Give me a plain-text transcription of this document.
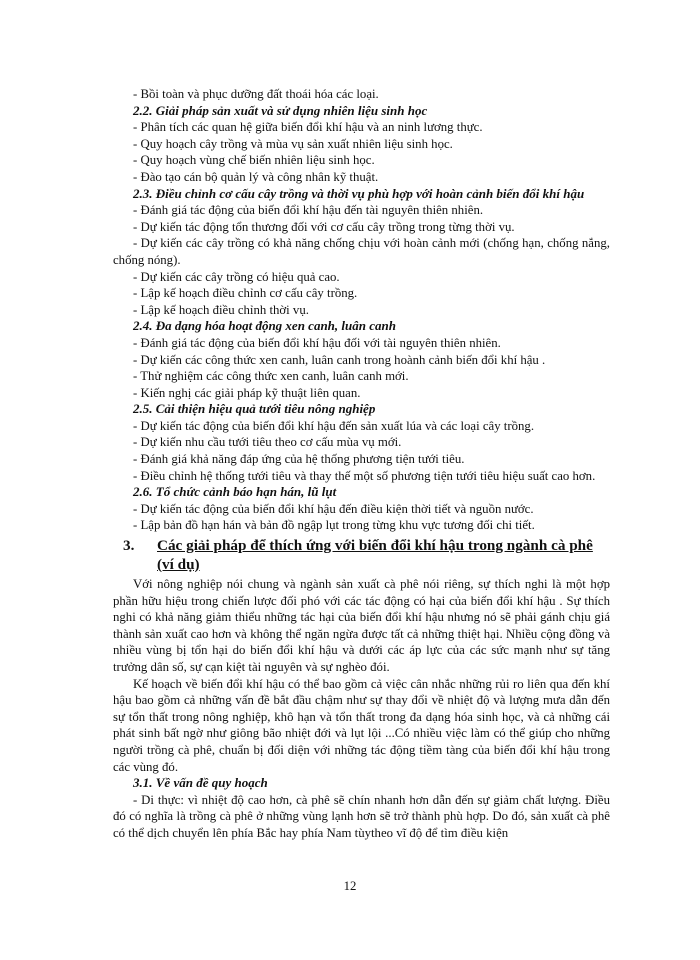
- Bồi toàn và phục dưỡng đất thoái hóa các loại.
2.2. Giải pháp sản xuất và sử dụng nhiên liệu sinh học
- Phân tích các quan hệ giữa biến đổi khí hậu và an ninh lương thực.
- Quy hoạch cây trồng và mùa vụ sản xuất nhiên liệu sinh học.
- Quy hoạch vùng chế biến nhiên liệu sinh học.
- Đào tạo cán bộ quản lý và công nhân kỹ thuật.
2.3. Điều chỉnh cơ cấu cây trồng và thời vụ phù hợp với hoàn cảnh biến đổi khí hậu
- Đánh giá tác động của biến đổi khí hậu đến tài nguyên thiên nhiên.
- Dự kiến tác động tổn thương đối với cơ cấu cây trồng trong từng thời vụ.
- Dự kiến các cây trồng có khả năng chống chịu với hoàn cảnh mới (chống hạn, chống nắng, chống nóng).
- Dự kiến các cây trồng có hiệu quả cao.
- Lập kế hoạch điều chỉnh cơ cấu cây trồng.
- Lập kế hoạch điều chỉnh thời vụ.
2.4. Đa dạng hóa hoạt động xen canh, luân canh
- Đánh giá tác động của biến đổi khí hậu đối với tài nguyên thiên nhiên.
- Dự kiến các công thức xen canh, luân canh trong hoành cảnh biến đổi khí hậu .
- Thử nghiệm các công thức xen canh, luân canh mới.
- Kiến nghị các giải pháp kỹ thuật liên quan.
2.5. Cải thiện hiệu quả tưới tiêu nông nghiệp
- Dự kiến tác động của biến đổi khí hậu đến sản xuất lúa và các loại cây trồng.
- Dự kiến nhu cầu tưới tiêu theo cơ cấu mùa vụ mới.
- Đánh giá khả năng đáp ứng của hệ thống phương tiện tưới tiêu.
- Điều chỉnh hệ thống tưới tiêu và thay thế một số phương tiện tưới tiêu hiệu suất cao hơn.
2.6. Tổ chức cảnh báo hạn hán, lũ lụt
- Dự kiến tác động của biến đổi khí hậu đến điều kiện thời tiết và nguồn nước.
- Lập bản đồ hạn hán và bản đồ ngập lụt trong từng khu vực tương đối chi tiết.
3.	Các giải pháp để thích ứng với biến đổi khí hậu trong ngành cà phê (ví dụ)
Với nông nghiệp nói chung và ngành sản xuất cà phê nói riêng, sự thích nghi là một hợp phần hữu hiệu trong chiến lược đối phó với các tác động có hại của biến đổi khí hậu . Sự thích nghi có khả năng giảm thiểu những tác hại của biến đổi khí hậu nhưng nó sẽ phải gánh chịu giá thành sản xuất cao hơn và không thể ngăn ngừa được tất cả những thiệt hại. Nhiều cộng đồng và nhiều vùng bị tổn hại do biến đổi khí hậu và dưới các áp lực của các sức mạnh như sự tăng trưởng dân số, sự cạn kiệt tài nguyên và sự nghèo đói.
Kế hoạch về biến đổi khí hậu có thể bao gồm cả việc cân nhắc những rủi ro liên qua đến khí hậu bao gồm cả những vấn đề bắt đầu chậm như sự thay đổi về nhiệt độ và lượng mưa dẫn đến sự tổn thất trong nông nghiệp, khô hạn và tổn thất trong đa dạng hóa sinh học, và cả những cái phát sinh bất ngờ như giông bão nhiệt đới và lụt lội ...Có nhiều việc làm có thể giúp cho những người trồng cà phê, chuẩn bị đối diện với những tác động tiềm tàng của biến đổi khí hậu trong các vùng đó.
3.1. Về vấn đề quy hoạch
- Di thực: vì nhiệt độ cao hơn, cà phê sẽ chín nhanh hơn dẫn đến sự giảm chất lượng. Điều đó có nghĩa là trồng cà phê ở những vùng lạnh hơn sẽ trở thành phù hợp. Do đó, sản xuất cà phê có thể dịch chuyển lên phía Bắc hay phía Nam tùytheo vĩ độ để tìm điều kiện
12
